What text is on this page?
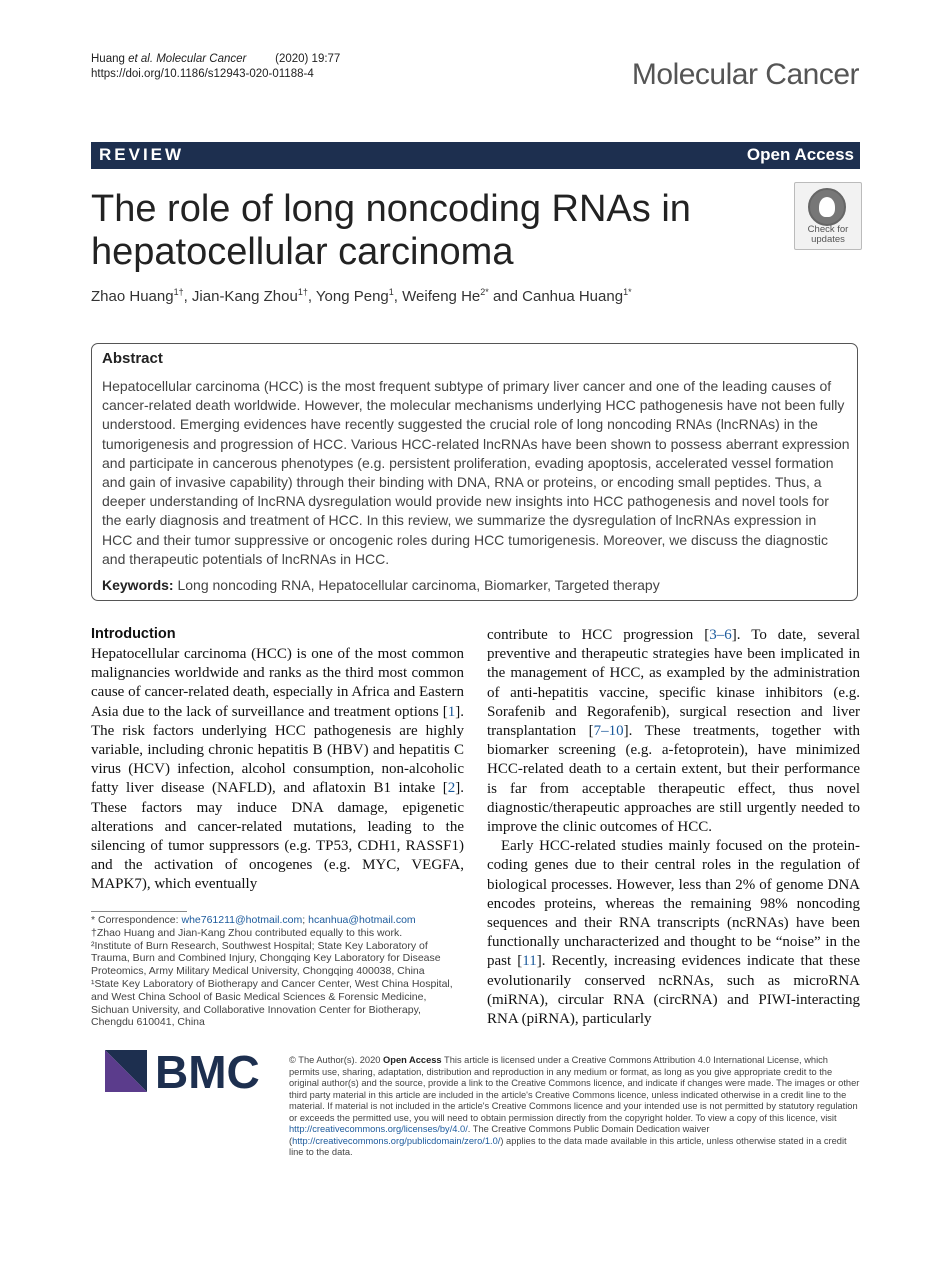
Huang et al. Molecular Cancer	(2020) 19:77
https://doi.org/10.1186/s12943-020-01188-4	Molecular Cancer
REVIEW	Open Access
The role of long noncoding RNAs in
hepatocellular carcinoma
Check for
updates
Zhao Huang$^{1\dagger}$, Jian-Kang Zhou$^{1\dagger}$, Yong Peng$^1$, Weifeng $He^{2*}$ and Canhua Huang$^{1*}$
Abstract
Hepatocellular carcinoma (HCC) is the most frequent subtype of primary liver cancer and one of the leading causes of cancer-related death worldwide. However, the molecular mechanisms underlying HCC pathogenesis have not been fully understood. Emerging evidences have recently suggested the crucial role of long noncoding RNAs (lncRNAs) in the tumorigenesis and progression of HCC. Various HCC-related lncRNAs have been shown to possess aberrant expression and participate in cancerous phenotypes (e.g. persistent proliferation, evading apoptosis, accelerated vessel formation and gain of invasive capability) through their binding with DNA, RNA or proteins, or encoding small peptides. Thus, a deeper understanding of lncRNA dysregulation would provide new insights into HCC pathogenesis and novel tools for the early diagnosis and treatment of HCC. In this review, we summarize the dysregulation of lncRNAs expression in HCC and their tumor suppressive or oncogenic roles during HCC tumorigenesis. Moreover, we discuss the diagnostic and therapeutic potentials of lncRNAs in HCC.
Keywords: Long noncoding RNA, Hepatocellular carcinoma, Biomarker, Targeted therapy
Introduction

Hepatocellular carcinoma (HCC) is one of the most common malignancies worldwide and ranks as the third most common cause of cancer-related death, especially in Africa and Eastern Asia due to the lack of surveillance and treatment options [1]. The risk factors underlying HCC pathogenesis are highly variable, including chronic hepatitis B (HBV) and hepatitis C virus (HCV) infection, alcohol consumption, non-alcoholic fatty liver disease (NAFLD), and aflatoxin B1 intake [2]. These factors may induce DNA damage, epigenetic alterations and cancer-related mutations, leading to the silencing of tumor suppressors (e.g. TP53, CDH1, RASSF1) and the activation of oncogenes (e.g. MYC, VEGFA, MAPK7), which eventually

contribute to HCC progression [3–6]. To date, several preventive and therapeutic strategies have been implicated in the management of HCC, as exampled by the administration of anti-hepatitis vaccine, specific kinase inhibitors (e.g. Sorafenib and Regorafenib), surgical resection and liver transplantation [7–10]. These treatments, together with biomarker screening (e.g. a-fetoprotein), have minimized HCC-related death to a certain extent, but their performance is far from acceptable therapeutic effect, thus novel diagnostic/therapeutic approaches are still urgently needed to improve the clinic outcomes of HCC.

Early HCC-related studies mainly focused on the protein-coding genes due to their central roles in the regulation of biological processes. However, less than 2% of genome DNA encodes proteins, whereas the remaining 98% noncoding sequences and their RNA transcripts (ncRNAs) have been functionally uncharacterized and thought to be “noise” in the past [11]. Recently, increasing evidences indicate that these evolutionarily conserved ncRNAs, such as microRNA (miRNA), circular RNA (circRNA) and PIWI-interacting RNA (piRNA), particularly

* Correspondence: whe761211@hotmail.com; hcanhua@hotmail.com

†Zhao Huang and Jian-Kang Zhou contributed equally to this work.

²Institute of Burn Research, Southwest Hospital; State Key Laboratory of Trauma, Burn and Combined Injury, Chongqing Key Laboratory for Disease Proteomics, Army Military Medical University, Chongqing 400038, China

¹State Key Laboratory of Biotherapy and Cancer Center, West China Hospital, and West China School of Basic Medical Sciences & Forensic Medicine, Sichuan University, and Collaborative Innovation Center for Biotherapy, Chengdu 610041, China

BMC	© The Author(s). 2020 Open Access This article is licensed under a Creative Commons Attribution 4.0 International License, which permits use, sharing, adaptation, distribution and reproduction in any medium or format, as long as you give appropriate credit to the original author(s) and the source, provide a link to the Creative Commons licence, and indicate if changes were made. The images or other third party material in this article are included in the article's Creative Commons licence, unless indicated otherwise in a credit line to the material. If material is not included in the article's Creative Commons licence and your intended use is not permitted by statutory regulation or exceeds the permitted use, you will need to obtain permission directly from the copyright holder. To view a copy of this licence, visit http://creativecommons.org/licenses/by/4.0/. The Creative Commons Public Domain Dedication waiver (http://creativecommons.org/publicdomain/zero/1.0/) applies to the data made available in this article, unless otherwise stated in a credit line to the data.
